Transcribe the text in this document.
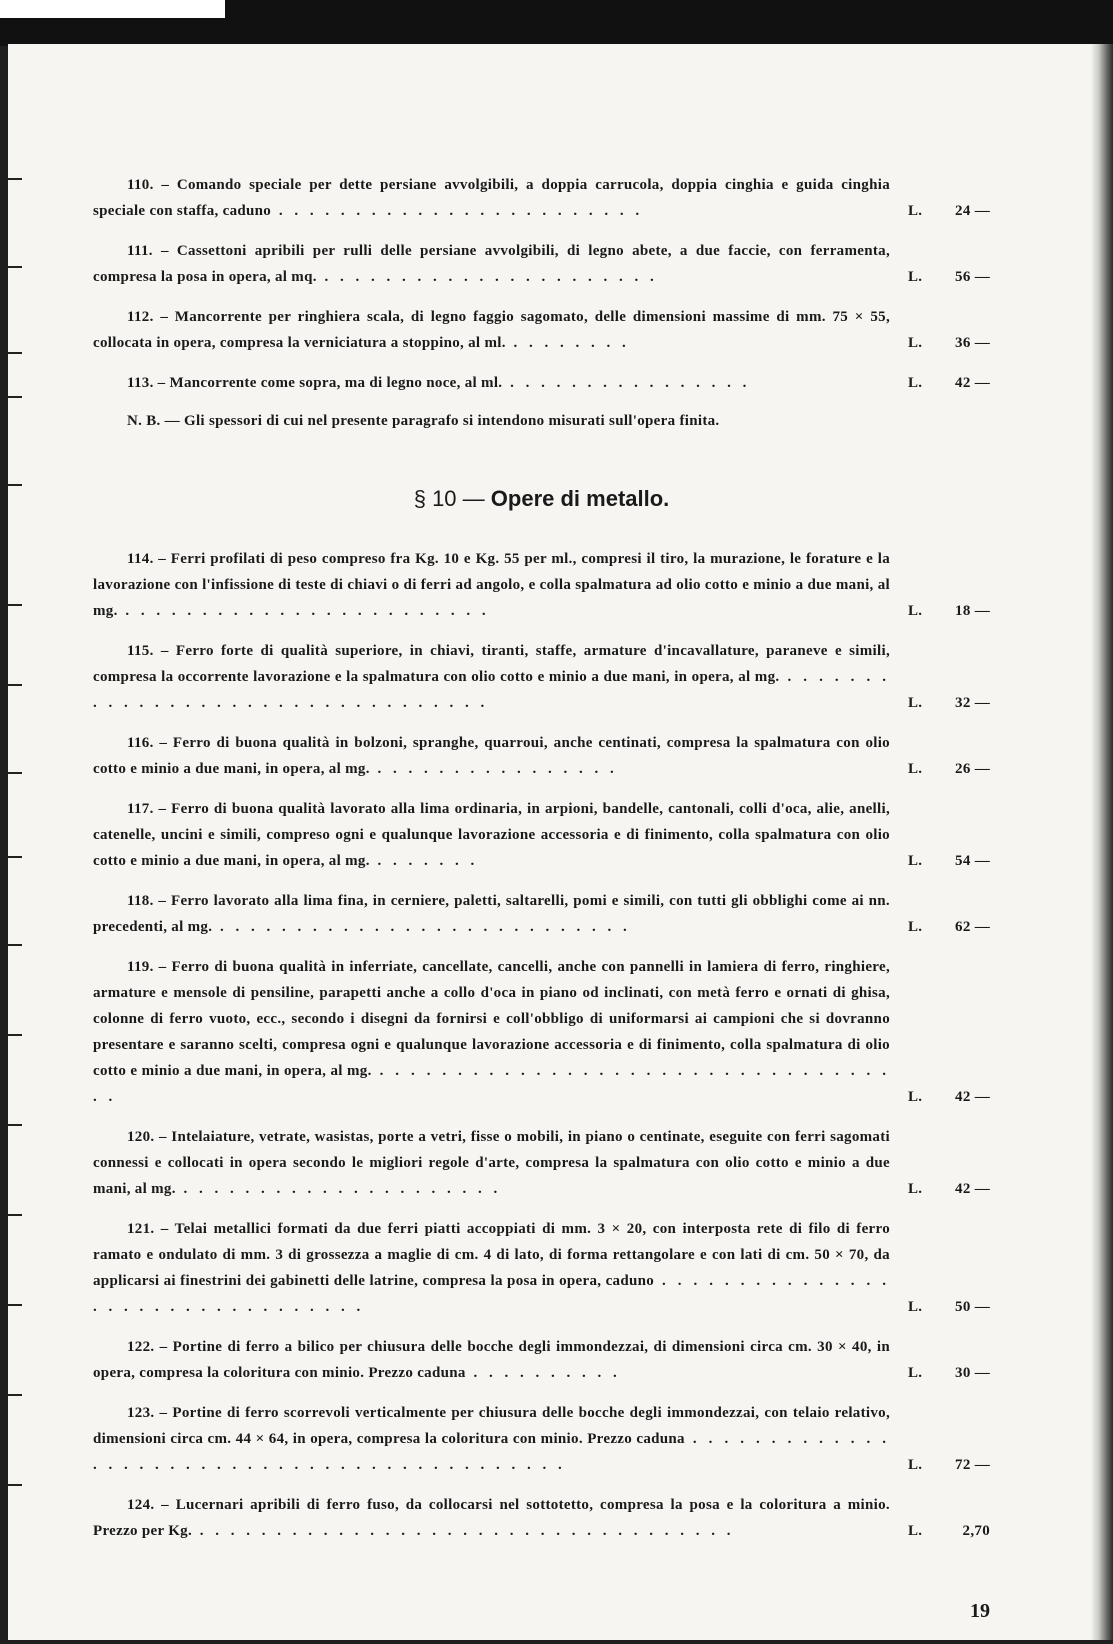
110. – Comando speciale per dette persiane avvolgibili, a doppia carrucola, doppia cinghia e guida cinghia speciale con staffa, caduno . . . . . . . . . . . . . . . . . . . . . . . .	L. 24 —
111. – Cassettoni apribili per rulli delle persiane avvolgibili, di legno abete, a due faccie, con ferramenta, compresa la posa in opera, al mq. . . . . . . . . . . . . . . . . . . . . . .	L. 56 —
112. – Mancorrente per ringhiera scala, di legno faggio sagomato, delle dimensioni massime di mm. 75 × 55, collocata in opera, compresa la verniciatura a stoppino, al ml. . . . . . . . .	L. 36 —
113. – Mancorrente come sopra, ma di legno noce, al ml. . . . . . . . . . . . . . . . .	L. 42 —
N. B. — Gli spessori di cui nel presente paragrafo si intendono misurati sull'opera finita.
§ 10 — Opere di metallo.
114. – Ferri profilati di peso compreso fra Kg. 10 e Kg. 55 per ml., compresi il tiro, la murazione, le forature e la lavorazione con l'infissione di teste di chiavi o di ferri ad angolo, e colla spalmatura ad olio cotto e minio a due mani, al mg. . . . . . . . . . . . . . . . . . . . . . . . .	L. 18 —
115. – Ferro forte di qualità superiore, in chiavi, tiranti, staffe, armature d'incavallature, paraneve e simili, compresa la occorrente lavorazione e la spalmatura con olio cotto e minio a due mani, in opera, al mg. . . . . . . . . . . . . . . . . . . . . . . . . . . . . . . . . .	L. 32 —
116. – Ferro di buona qualità in bolzoni, spranghe, quarroui, anche centinati, compresa la spalmatura con olio cotto e minio a due mani, in opera, al mg. . . . . . . . . . . . . . . . .	L. 26 —
117. – Ferro di buona qualità lavorato alla lima ordinaria, in arpioni, bandelle, cantonali, colli d'oca, alie, anelli, catenelle, uncini e simili, compreso ogni e qualunque lavorazione accessoria e di finimento, colla spalmatura con olio cotto e minio a due mani, in opera, al mg. . . . . . . .	L. 54 —
118. – Ferro lavorato alla lima fina, in cerniere, paletti, saltarelli, pomi e simili, con tutti gli obblighi come ai nn. precedenti, al mg. . . . . . . . . . . . . . . . . . . . . . . . . . . .	L. 62 —
119. – Ferro di buona qualità in inferriate, cancellate, cancelli, anche con pannelli in lamiera di ferro, ringhiere, armature e mensole di pensiline, parapetti anche a collo d'oca in piano od inclinati, con metà ferro e ornati di ghisa, colonne di ferro vuoto, ecc., secondo i disegni da fornirsi e coll'obbligo di uniformarsi ai campioni che si dovranno presentare e saranno scelti, compresa ogni e qualunque lavorazione accessoria e di finimento, colla spalmatura di olio cotto e minio a due mani, in opera, al mg. . . . . . . . . . . . . . . . . . . . . . . . . . . . . . . . . . . .	L. 42 —
120. – Intelaiature, vetrate, wasistas, porte a vetri, fisse o mobili, in piano o centinate, eseguite con ferri sagomati connessi e collocati in opera secondo le migliori regole d'arte, compresa la spalmatura con olio cotto e minio a due mani, al mg. . . . . . . . . . . . . . . . . . . . . .	L. 42 —
121. – Telai metallici formati da due ferri piatti accoppiati di mm. 3 × 20, con interposta rete di filo di ferro ramato e ondulato di mm. 3 di grossezza a maglie di cm. 4 di lato, di forma rettangolare e con lati di cm. 50 × 70, da applicarsi ai finestrini dei gabinetti delle latrine, compresa la posa in opera, caduno . . . . . . . . . . . . . . . . . . . . . . . . . . . . . . . . .	L. 50 —
122. – Portine di ferro a bilico per chiusura delle bocche degli immondezzai, di dimensioni circa cm. 30 × 40, in opera, compresa la coloritura con minio. Prezzo caduna . . . . . . . . . .	L. 30 —
123. – Portine di ferro scorrevoli verticalmente per chiusura delle bocche degli immondezzai, con telaio relativo, dimensioni circa cm. 44 × 64, in opera, compresa la coloritura con minio. Prezzo caduna . . . . . . . . . . . . . . . . . . . . . . . . . . . . . . . . . . . . . . . . . . . .	L. 72 —
124. – Lucernari apribili di ferro fuso, da collocarsi nel sottotetto, compresa la posa e la coloritura a minio. Prezzo per Kg. . . . . . . . . . . . . . . . . . . . . . . . . . . . . . . . . . . .	L.	2,70
19
